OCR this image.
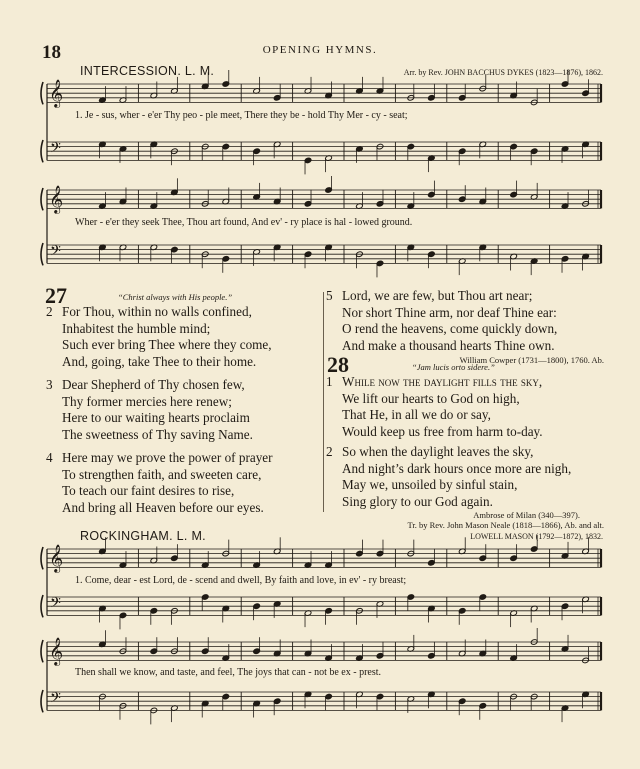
18	OPENING HYMNS.
INTERCESSION. L. M.	Arr. by Rev. JOHN BACCHUS DYKES (1823—1876), 1862.
𝄞
𝄢
𝄞
𝄢
𝄞
𝄢
𝄞
𝄢
1. Je - sus, wher - e'er Thy peo - ple meet, There they be - hold Thy Mer - cy - seat;
Wher - e'er they seek Thee, Thou art found, And ev' - ry place is hal - lowed ground.
27	“Christ always with His people.”
2 For Thou, within no walls confined,
Inhabitest the humble mind;
Such ever bring Thee where they come,
And, going, take Thee to their home.
3 Dear Shepherd of Thy chosen few,
Thy former mercies here renew;
Here to our waiting hearts proclaim
The sweetness of Thy saving Name.
4 Here may we prove the power of prayer
To strengthen faith, and sweeten care,
To teach our faint desires to rise,
And bring all Heaven before our eyes.
5 Lord, we are few, but Thou art near;
Nor short Thine arm, nor deaf Thine ear:
O rend the heavens, come quickly down,
And make a thousand hearts Thine own.
William Cowper (1731—1800), 1760. Ab.
28	“Jam lucis orto sidere.”
1 While now the daylight fills the sky,
We lift our hearts to God on high,
That He, in all we do or say,
Would keep us free from harm to-day.
2 So when the daylight leaves the sky,
And night’s dark hours once more are nigh,
May we, unsoiled by sinful stain,
Sing glory to our God again.
Ambrose of Milan (340—397).
Tr. by Rev. John Mason Neale (1818—1866), Ab. and alt.
ROCKINGHAM. L. M.	LOWELL MASON (1792—1872), 1832.
1. Come, dear - est Lord, de - scend and dwell, By faith and love, in ev' - ry breast;
Then shall we know, and taste, and feel, The joys that can - not be ex - prest.
